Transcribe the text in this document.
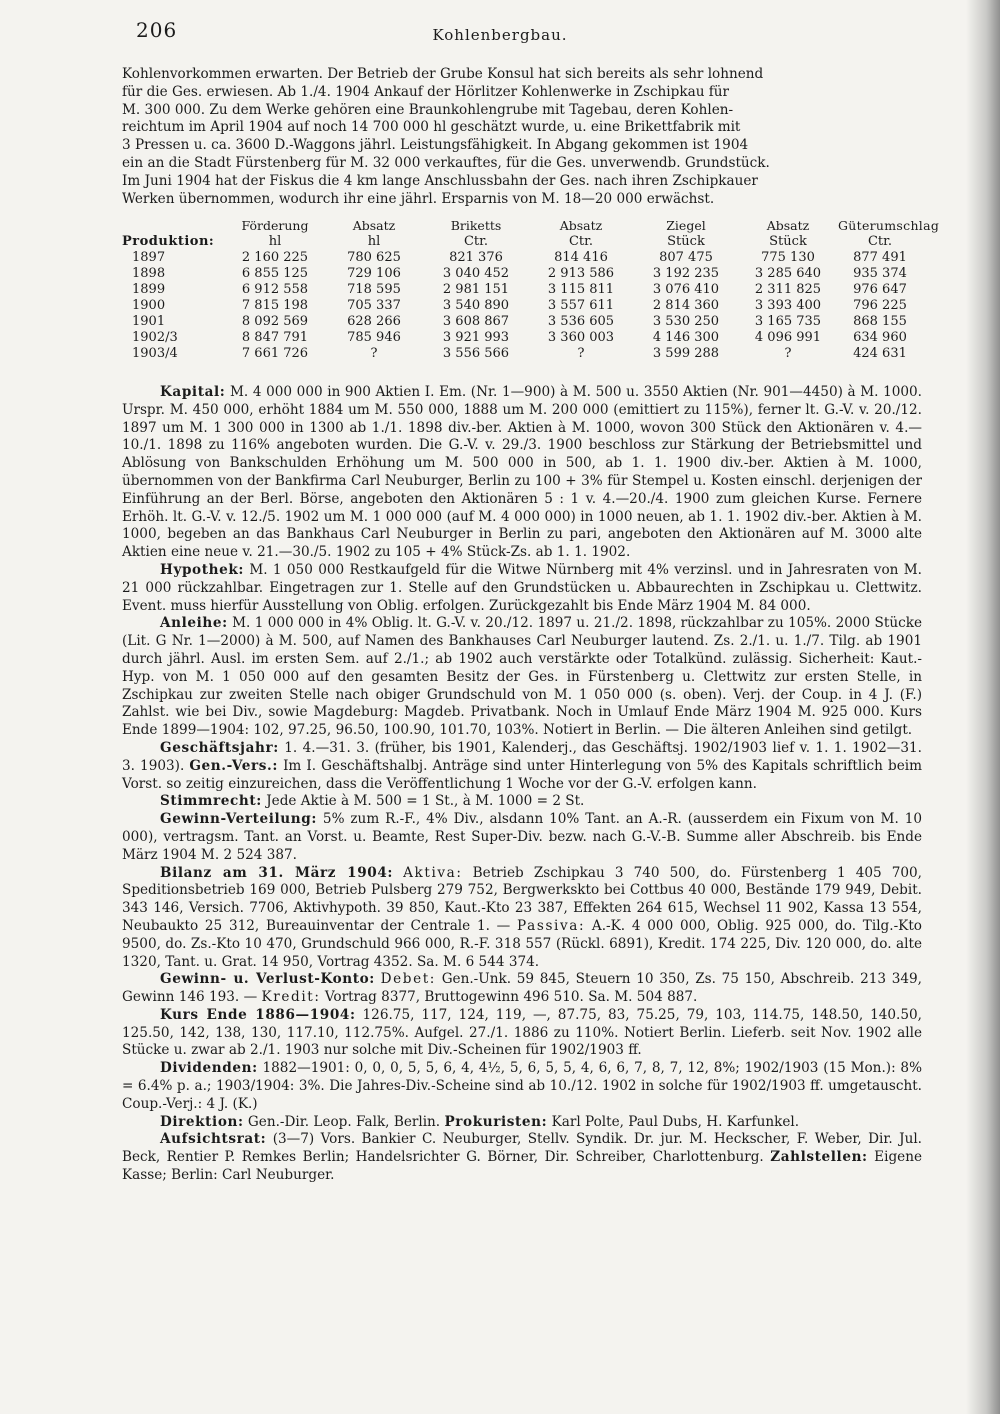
206	Kohlenbergbau.

Kohlenvorkommen erwarten. Der Betrieb der Grube Konsul hat sich bereits als sehr lohnend

für die Ges. erwiesen. Ab 1./4. 1904 Ankauf der Hörlitzer Kohlenwerke in Zschipkau für

M. 300 000. Zu dem Werke gehören eine Braunkohlengrube mit Tagebau, deren Kohlen-

reichtum im April 1904 auf noch 14 700 000 hl geschätzt wurde, u. eine Brikettfabrik mit

3 Pressen u. ca. 3600 D.-Waggons jährl. Leistungsfähigkeit. In Abgang gekommen ist 1904

ein an die Stadt Fürstenberg für M. 32 000 verkauftes, für die Ges. unverwendb. Grundstück.

Im Juni 1904 hat der Fiskus die 4 km lange Anschlussbahn der Ges. nach ihren Zschipkauer

Werken übernommen, wodurch ihr eine jährl. Ersparnis von M. 18—20 000 erwächst.

	Förderung	Absatz	Briketts	Absatz	Ziegel	Absatz	Güterumschlag
Produktion:	hl	hl	Ctr.	Ctr.	Stück	Stück	Ctr.
1897	2 160 225	780 625	821 376	814 416	807 475	775 130	877 491
1898	6 855 125	729 106	3 040 452	2 913 586	3 192 235	3 285 640	935 374
1899	6 912 558	718 595	2 981 151	3 115 811	3 076 410	2 311 825	976 647
1900	7 815 198	705 337	3 540 890	3 557 611	2 814 360	3 393 400	796 225
1901	8 092 569	628 266	3 608 867	3 536 605	3 530 250	3 165 735	868 155
1902/3	8 847 791	785 946	3 921 993	3 360 003	4 146 300	4 096 991	634 960
1903/4	7 661 726	?	3 556 566	?	3 599 288	?	424 631

Kapital: M. 4 000 000 in 900 Aktien I. Em. (Nr. 1—900) à M. 500 u. 3550 Aktien (Nr. 901—4450) à M. 1000. Urspr. M. 450 000, erhöht 1884 um M. 550 000, 1888 um M. 200 000 (emittiert zu 115%), ferner lt. G.-V. v. 20./12. 1897 um M. 1 300 000 in 1300 ab 1./1. 1898 div.-ber. Aktien à M. 1000, wovon 300 Stück den Aktionären v. 4.—10./1. 1898 zu 116% angeboten wurden. Die G.-V. v. 29./3. 1900 beschloss zur Stärkung der Betriebsmittel und Ablösung von Bankschulden Erhöhung um M. 500 000 in 500, ab 1. 1. 1900 div.-ber. Aktien à M. 1000, übernommen von der Bankfirma Carl Neuburger, Berlin zu 100 + 3% für Stempel u. Kosten einschl. derjenigen der Einführung an der Berl. Börse, angeboten den Aktionären 5 : 1 v. 4.—20./4. 1900 zum gleichen Kurse. Fernere Erhöh. lt. G.-V. v. 12./5. 1902 um M. 1 000 000 (auf M. 4 000 000) in 1000 neuen, ab 1. 1. 1902 div.-ber. Aktien à M. 1000, begeben an das Bankhaus Carl Neuburger in Berlin zu pari, angeboten den Aktionären auf M. 3000 alte Aktien eine neue v. 21.—30./5. 1902 zu 105 + 4% Stück-Zs. ab 1. 1. 1902.

Hypothek: M. 1 050 000 Restkaufgeld für die Witwe Nürnberg mit 4% verzinsl. und in Jahresraten von M. 21 000 rückzahlbar. Eingetragen zur 1. Stelle auf den Grundstücken u. Abbaurechten in Zschipkau u. Clettwitz. Event. muss hierfür Ausstellung von Oblig. erfolgen. Zurückgezahlt bis Ende März 1904 M. 84 000.

Anleihe: M. 1 000 000 in 4% Oblig. lt. G.-V. v. 20./12. 1897 u. 21./2. 1898, rückzahlbar zu 105%. 2000 Stücke (Lit. G Nr. 1—2000) à M. 500, auf Namen des Bankhauses Carl Neuburger lautend. Zs. 2./1. u. 1./7. Tilg. ab 1901 durch jährl. Ausl. im ersten Sem. auf 2./1.; ab 1902 auch verstärkte oder Totalkünd. zulässig. Sicherheit: Kaut.-Hyp. von M. 1 050 000 auf den gesamten Besitz der Ges. in Fürstenberg u. Clettwitz zur ersten Stelle, in Zschipkau zur zweiten Stelle nach obiger Grundschuld von M. 1 050 000 (s. oben). Verj. der Coup. in 4 J. (F.) Zahlst. wie bei Div., sowie Magdeburg: Magdeb. Privatbank. Noch in Umlauf Ende März 1904 M. 925 000. Kurs Ende 1899—1904: 102, 97.25, 96.50, 100.90, 101.70, 103%. Notiert in Berlin. — Die älteren Anleihen sind getilgt.

Geschäftsjahr: 1. 4.—31. 3. (früher, bis 1901, Kalenderj., das Geschäftsj. 1902/1903 lief v. 1. 1. 1902—31. 3. 1903). Gen.-Vers.: Im I. Geschäftshalbj. Anträge sind unter Hinterlegung von 5% des Kapitals schriftlich beim Vorst. so zeitig einzureichen, dass die Veröffentlichung 1 Woche vor der G.-V. erfolgen kann.

Stimmrecht: Jede Aktie à M. 500 = 1 St., à M. 1000 = 2 St.

Gewinn-Verteilung: 5% zum R.-F., 4% Div., alsdann 10% Tant. an A.-R. (ausserdem ein Fixum von M. 10 000), vertragsm. Tant. an Vorst. u. Beamte, Rest Super-Div. bezw. nach G.-V.-B. Summe aller Abschreib. bis Ende März 1904 M. 2 524 387.

Bilanz am 31. März 1904: Aktiva: Betrieb Zschipkau 3 740 500, do. Fürstenberg 1 405 700, Speditionsbetrieb 169 000, Betrieb Pulsberg 279 752, Bergwerkskto bei Cottbus 40 000, Bestände 179 949, Debit. 343 146, Versich. 7706, Aktivhypoth. 39 850, Kaut.-Kto 23 387, Effekten 264 615, Wechsel 11 902, Kassa 13 554, Neubaukto 25 312, Bureauinventar der Centrale 1. — Passiva: A.-K. 4 000 000, Oblig. 925 000, do. Tilg.-Kto 9500, do. Zs.-Kto 10 470, Grundschuld 966 000, R.-F. 318 557 (Rückl. 6891), Kredit. 174 225, Div. 120 000, do. alte 1320, Tant. u. Grat. 14 950, Vortrag 4352. Sa. M. 6 544 374.

Gewinn- u. Verlust-Konto: Debet: Gen.-Unk. 59 845, Steuern 10 350, Zs. 75 150, Abschreib. 213 349, Gewinn 146 193. — Kredit: Vortrag 8377, Bruttogewinn 496 510. Sa. M. 504 887.

Kurs Ende 1886—1904: 126.75, 117, 124, 119, —, 87.75, 83, 75.25, 79, 103, 114.75, 148.50, 140.50, 125.50, 142, 138, 130, 117.10, 112.75%. Aufgel. 27./1. 1886 zu 110%. Notiert Berlin. Lieferb. seit Nov. 1902 alle Stücke u. zwar ab 2./1. 1903 nur solche mit Div.-Scheinen für 1902/1903 ff.

Dividenden: 1882—1901: 0, 0, 0, 5, 5, 6, 4, 4½, 5, 6, 5, 5, 4, 6, 6, 7, 8, 7, 12, 8%; 1902/1903 (15 Mon.): 8% = 6.4% p. a.; 1903/1904: 3%. Die Jahres-Div.-Scheine sind ab 10./12. 1902 in solche für 1902/1903 ff. umgetauscht. Coup.-Verj.: 4 J. (K.)

Direktion: Gen.-Dir. Leop. Falk, Berlin. Prokuristen: Karl Polte, Paul Dubs, H. Karfunkel.

Aufsichtsrat: (3—7) Vors. Bankier C. Neuburger, Stellv. Syndik. Dr. jur. M. Heckscher, F. Weber, Dir. Jul. Beck, Rentier P. Remkes Berlin; Handelsrichter G. Börner, Dir. Schreiber, Charlottenburg. Zahlstellen: Eigene Kasse; Berlin: Carl Neuburger.
